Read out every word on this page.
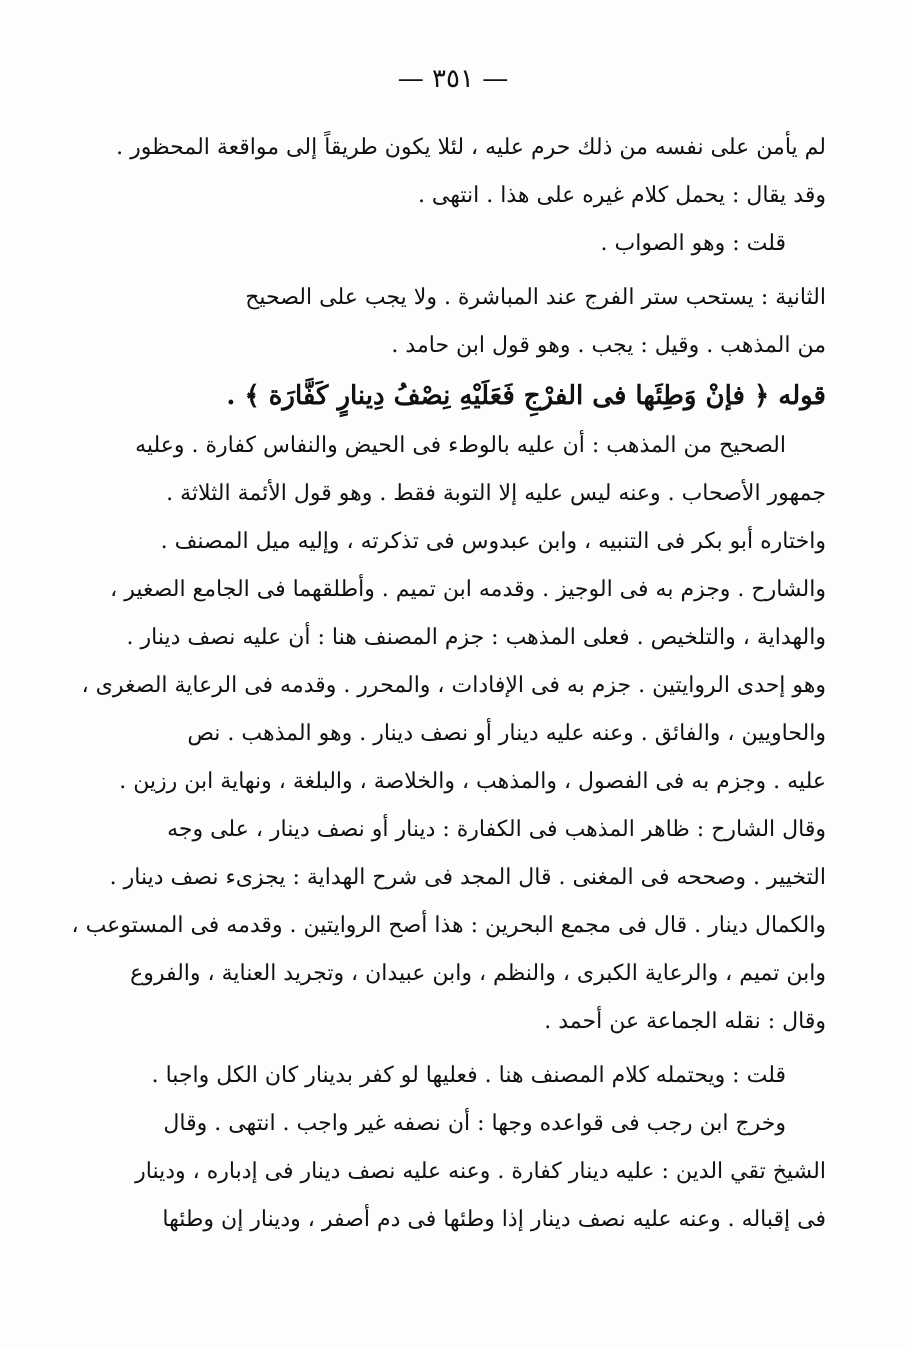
— ٣٥١ —
لم يأمن على نفسه من ذلك حرم عليه ، لئلا يكون طريقاً إلى مواقعة المحظور .
وقد يقال : يحمل كلام غيره على هذا . انتهى .
قلت : وهو الصواب .
الثانية : يستحب ستر الفرج عند المباشرة . ولا يجب على الصحيح
من المذهب . وقيل : يجب . وهو قول ابن حامد .
قوله ﴿ فإنْ وَطِئَها فى الفرْجِ فَعَلَيْهِ نِصْفُ دِينارٍ كَفَّارَة ﴾ .
الصحيح من المذهب : أن عليه بالوطء فى الحيض والنفاس كفارة . وعليه
جمهور الأصحاب . وعنه ليس عليه إلا التوبة فقط . وهو قول الأئمة الثلاثة .
واختاره أبو بكر فى التنبيه ، وابن عبدوس فى تذكرته ، وإليه ميل المصنف .
والشارح . وجزم به فى الوجيز . وقدمه ابن تميم . وأطلقهما فى الجامع الصغير ،
والهداية ، والتلخيص . فعلى المذهب : جزم المصنف هنا : أن عليه نصف دينار .
وهو إحدى الروايتين . جزم به فى الإفادات ، والمحرر . وقدمه فى الرعاية الصغرى ،
والحاويين ، والفائق . وعنه عليه دينار أو نصف دينار . وهو المذهب . نص
عليه . وجزم به فى الفصول ، والمذهب ، والخلاصة ، والبلغة ، ونهاية ابن رزين .
وقال الشارح : ظاهر المذهب فى الكفارة : دينار أو نصف دينار ، على وجه
التخيير . وصححه فى المغنى . قال المجد فى شرح الهداية : يجزىء نصف دينار .
والكمال دينار . قال فى مجمع البحرين : هذا أصح الروايتين . وقدمه فى المستوعب ،
وابن تميم ، والرعاية الكبرى ، والنظم ، وابن عبيدان ، وتجريد العناية ، والفروع
وقال : نقله الجماعة عن أحمد .
قلت : ويحتمله كلام المصنف هنا . فعليها لو كفر بدينار كان الكل واجبا .
وخرج ابن رجب فى قواعده وجها : أن نصفه غير واجب . انتهى . وقال
الشيخ تقي الدين : عليه دينار كفارة . وعنه عليه نصف دينار فى إدباره ، ودينار
فى إقباله . وعنه عليه نصف دينار إذا وطئها فى دم أصفر ، ودينار إن وطئها
